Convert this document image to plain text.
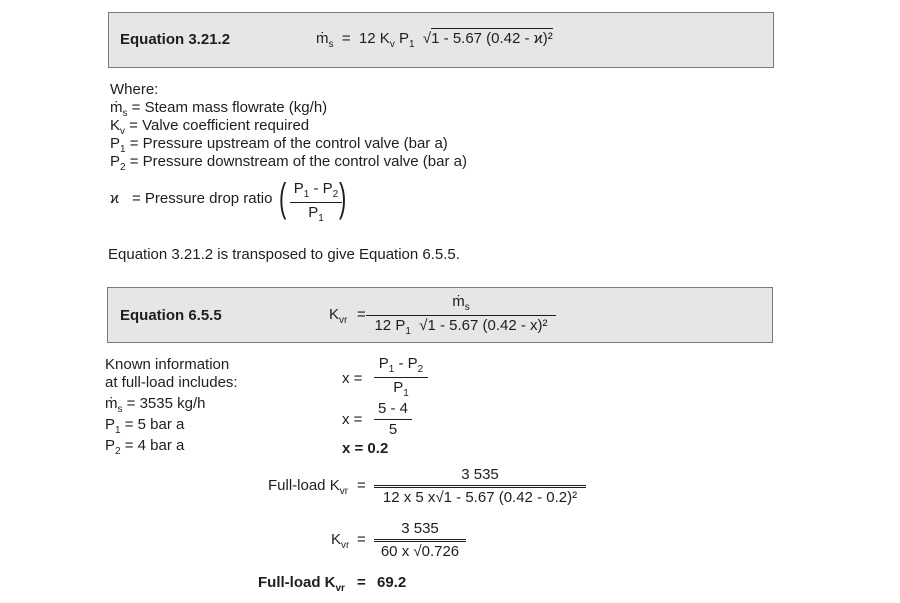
Equation 3.21.2	ṁ$_s$ = 12 $K_v$ $P_1$ √1 - 5.67 (0.42 - ϰ)²
Where:
ṁ$_s$ = Steam mass flowrate (kg/h)
$K_v$ = Valve coefficient required
$P_1$ = Pressure upstream of the control valve (bar a)
$P_2$ = Pressure downstream of the control valve (bar a)
ϰ = Pressure drop ratio ( $P_1 - P_2$
$P_1$ )
Equation 3.21.2 is transposed to give Equation 6.5.5.
Equation 6.5.5	$K_{vr}$ =
ṁ$_s$
12 $P_1$ √1 - 5.67 (0.42 - x)²
Known information
at full-load includes:
ṁ$_s$ = 3535 kg/h
$P_1 = 5$ bar a
$P_2 = 4$ bar a
x =
$P_1 - P_2$
$P_1$
x =
5 - 4
5
x = 0.2
Full-load $K_{vr}$ =
3 535
12 x 5 x√1 - 5.67 (0.42 - 0.2)²
$K_{vr}$ =
3 535
60 x √0.726
Full-load $K_{vr} = 69.2$
